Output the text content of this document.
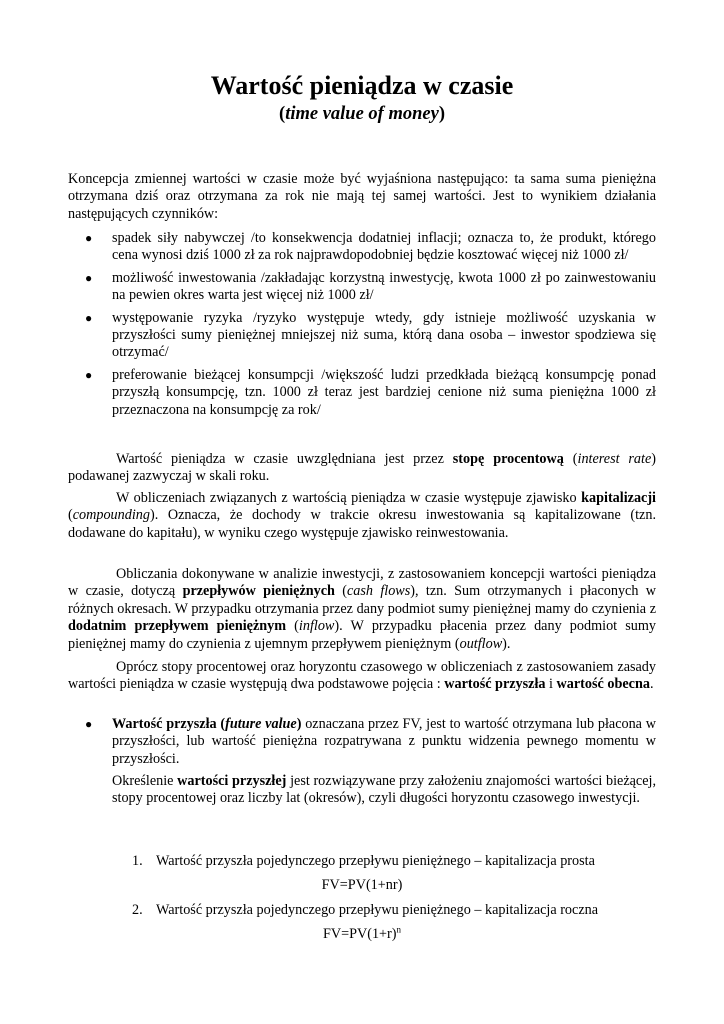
Wartość pieniądza w czasie
(time value of money)

Koncepcja zmiennej wartości w czasie może być wyjaśniona następująco: ta sama suma pieniężna otrzymana dziś oraz otrzymana za rok nie mają tej samej wartości. Jest to wynikiem działania następujących czynników:

● spadek siły nabywczej /to konsekwencja dodatniej inflacji; oznacza to, że produkt, którego cena wynosi dziś 1000 zł za rok najprawdopodobniej będzie kosztować więcej niż 1000 zł/
● możliwość inwestowania /zakładając korzystną inwestycję, kwota 1000 zł po zainwestowaniu na pewien okres warta jest więcej niż 1000 zł/
● występowanie ryzyka /ryzyko występuje wtedy, gdy istnieje możliwość uzyskania w przyszłości sumy pieniężnej mniejszej niż suma, którą dana osoba – inwestor spodziewa się otrzymać/
● preferowanie bieżącej konsumpcji /większość ludzi przedkłada bieżącą konsumpcję ponad przyszłą konsumpcję, tzn. 1000 zł teraz jest bardziej cenione niż suma pieniężna 1000 zł przeznaczona na konsumpcję za rok/

Wartość pieniądza w czasie uwzględniana jest przez stopę procentową (interest rate) podawanej zazwyczaj w skali roku.

W obliczeniach związanych z wartością pieniądza w czasie występuje zjawisko kapitalizacji (compounding). Oznacza, że dochody w trakcie okresu inwestowania są kapitalizowane (tzn. dodawane do kapitału), w wyniku czego występuje zjawisko reinwestowania.

Obliczania dokonywane w analizie inwestycji, z zastosowaniem koncepcji wartości pieniądza w czasie, dotyczą przepływów pieniężnych (cash flows), tzn. Sum otrzymanych i płaconych w różnych okresach. W przypadku otrzymania przez dany podmiot sumy pieniężnej mamy do czynienia z dodatnim przepływem pieniężnym (inflow). W przypadku płacenia przez dany podmiot sumy pieniężnej mamy do czynienia z ujemnym przepływem pieniężnym (outflow).

Oprócz stopy procentowej oraz horyzontu czasowego w obliczeniach z zastosowaniem zasady wartości pieniądza w czasie występują dwa podstawowe pojęcia : wartość przyszła i wartość obecna.

● Wartość przyszła (future value) oznaczana przez FV, jest to wartość otrzymana lub płacona w przyszłości, lub wartość pieniężna rozpatrywana z punktu widzenia pewnego momentu w przyszłości.

Określenie wartości przyszłej jest rozwiązywane przy założeniu znajomości wartości bieżącej, stopy procentowej oraz liczby lat (okresów), czyli długości horyzontu czasowego inwestycji.

1. Wartość przyszła pojedynczego przepływu pieniężnego – kapitalizacja prosta
FV=PV(1+nr)
2. Wartość przyszła pojedynczego przepływu pieniężnego – kapitalizacja roczna
$FV=PV(1+r)^n$
